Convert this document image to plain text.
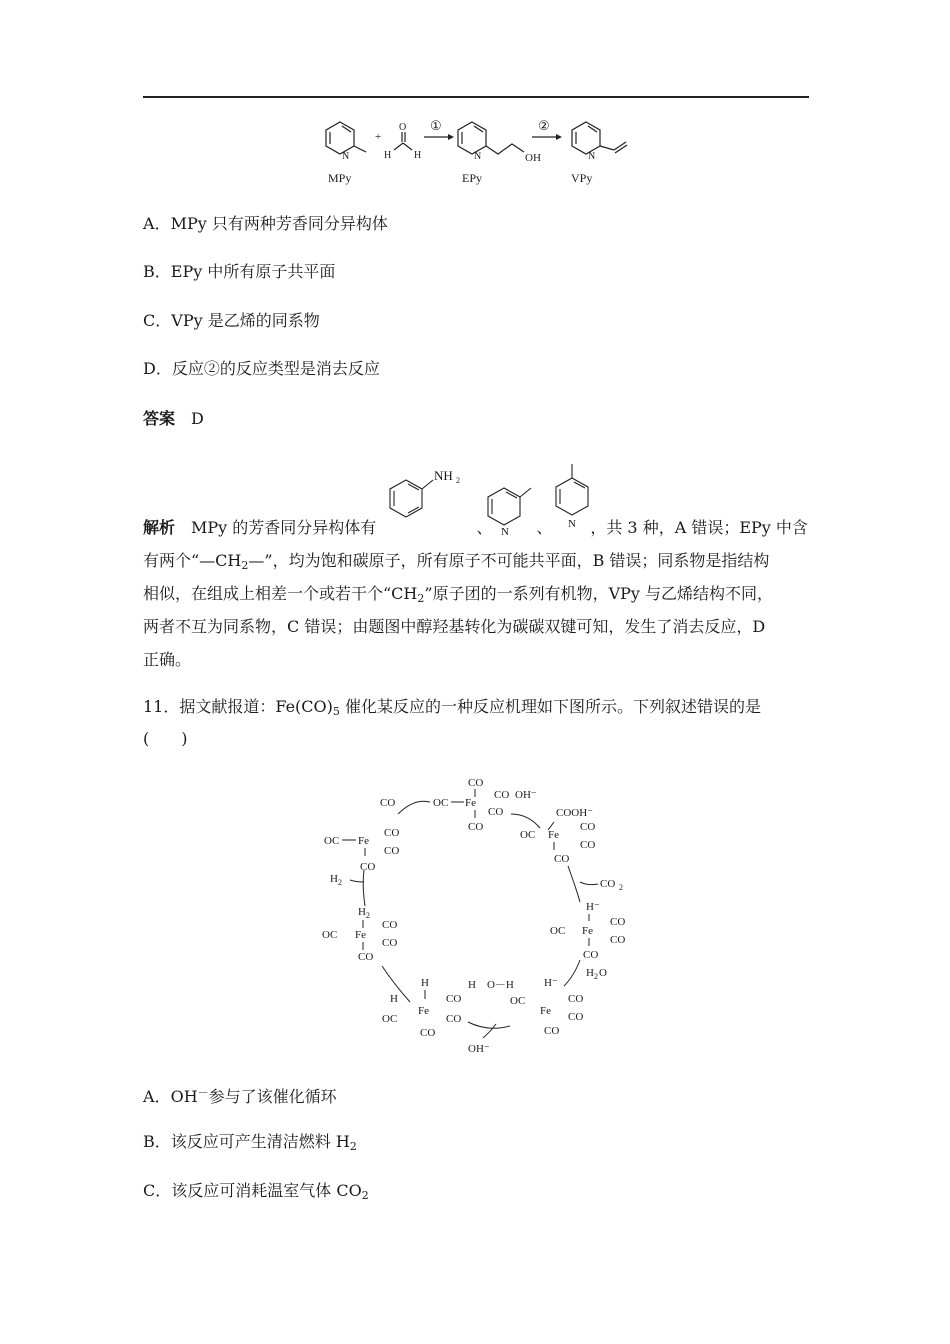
N
MPy
+
O
H H
①
N	OH
EPy
②
N
VPy
A．MPy 只有两种芳香同分异构体
B．EPy 中所有原子共平面
C．VPy 是乙烯的同系物
D．反应②的反应类型是消去反应
答案　 D
NH 2
N
N
解析　 MPy 的芳香同分异构体有	、	、 ，共 3 种，A 错误；EPy 中含
有两个“$—CH_2—$”，均为饱和碳原子，所有原子不可能共平面，B 错误；同系物是指结构
相似，在组成上相差一个或若干个“$CH_2$”原子团的一系列有机物，VPy 与乙烯结构不同，
两者不互为同系物，C 错误；由题图中醇羟基转化为碳碳双键可知，发生了消去反应，D
正确。
11．据文献报道：$Fe(CO)_5$ 催化某反应的一种反应机理如下图所示。下列叙述错误的是
(　　)
CO
OC Fe
CO
CO
CO
OH⁻
CO
COOH⁻
OC Fe
CO
CO
CO
CO 2
H⁻
OC Fe
CO
CO
CO
H 2 O
H⁻
H　O－H
OC
Fe
CO
CO
CO
H
H
OC
Fe
CO
CO
CO
OH⁻
H 2
OC Fe
CO
CO
CO
H 2
OC Fe
CO
CO
CO
A．OH－参与了该催化循环
B．该反应可产生清洁燃料 $H_2$
C．该反应可消耗温室气体 $CO_2$
